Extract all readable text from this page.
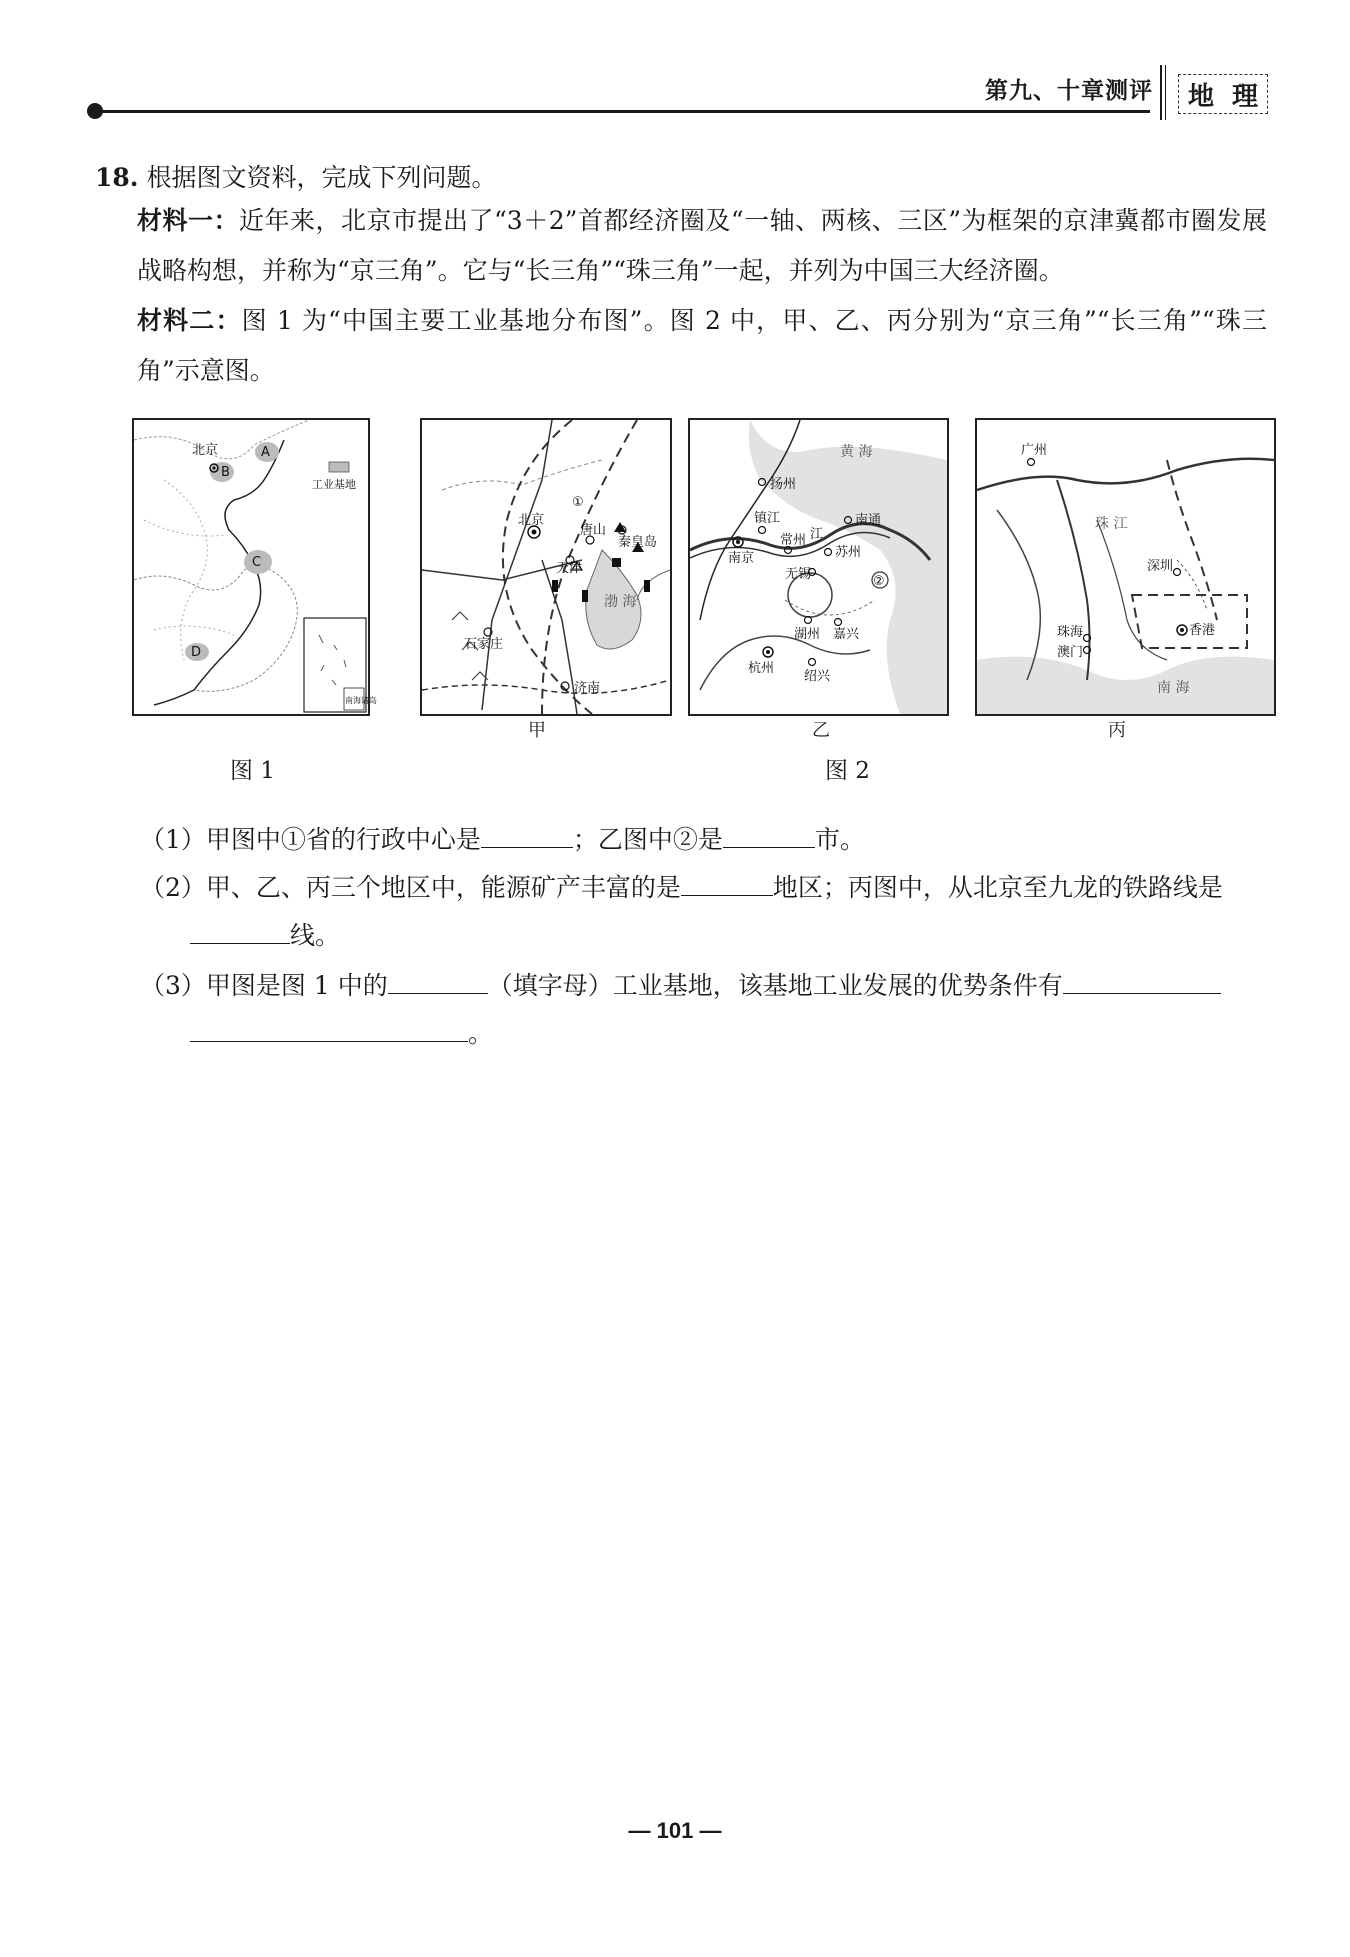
第九、十章测评 地 理
18. 根据图文资料，完成下列问题。
材料一：近年来，北京市提出了“3＋2”首都经济圈及“一轴、两核、三区”为框架的京津冀都市圈发展战略构想，并称为“京三角”。它与“长三角”“珠三角”一起，并列为中国三大经济圈。
材料二：图 1 为“中国主要工业基地分布图”。图 2 中，甲、乙、丙分别为“京三角”“长三角”“珠三角”示意图。
北京	A
B
C
D
工业基地
南海诸岛
北京
天津
唐山
秦皇岛
①
石家庄
济南
渤 海
扬州
镇江
南京
常州
南通
无锡
苏州
湖州 嘉兴
杭州
绍兴
②
江
黄 海	广州
深圳
珠海
澳门
香港
南 海
珠 江
甲	乙	丙
图 1	图 2
（1）甲图中①省的行政中心是	；乙图中②是	市。
（2）甲、乙、丙三个地区中，能源矿产丰富的是	地区；丙图中，从北京至九龙的铁路线是
线。
（3）甲图是图 1 中的	（填字母）工业基地，该基地工业发展的优势条件有
。
— 101 —
